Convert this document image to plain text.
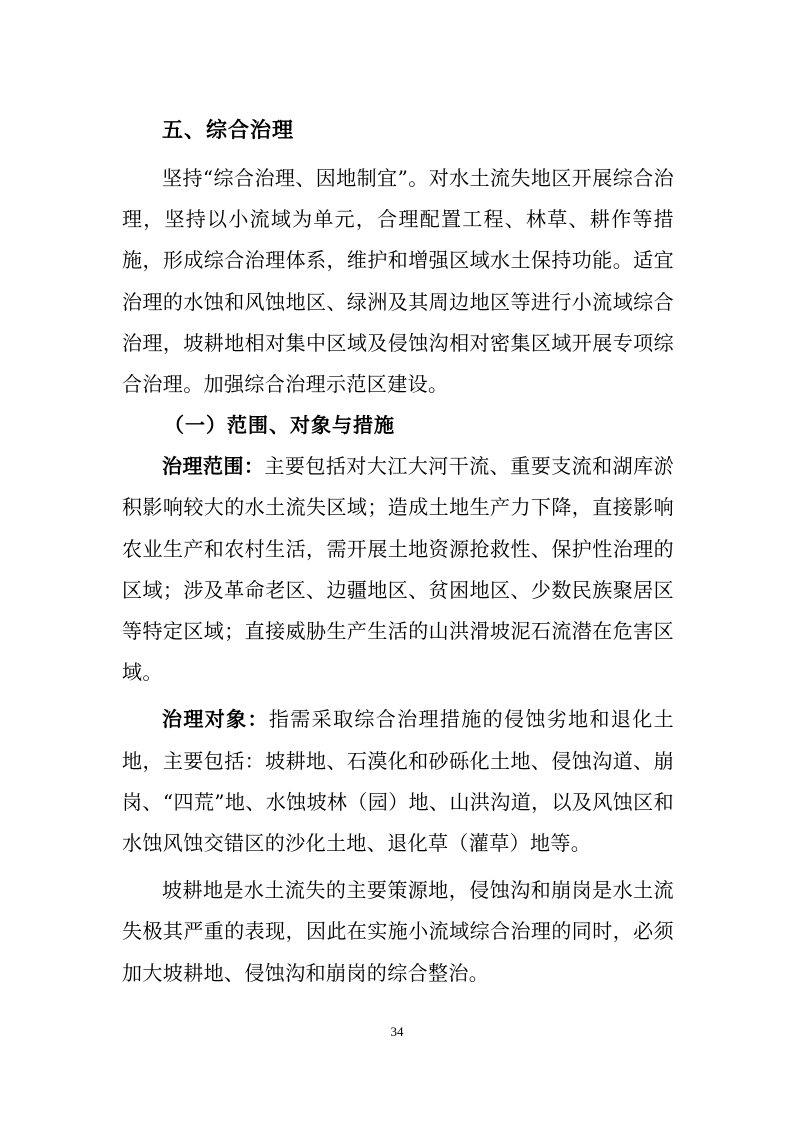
五、综合治理

坚持“综合治理、因地制宜”。对水土流失地区开展综合治理，坚持以小流域为单元，合理配置工程、林草、耕作等措施，形成综合治理体系，维护和增强区域水土保持功能。适宜治理的水蚀和风蚀地区、绿洲及其周边地区等进行小流域综合治理，坡耕地相对集中区域及侵蚀沟相对密集区域开展专项综合治理。加强综合治理示范区建设。

（一）范围、对象与措施

治理范围：主要包括对大江大河干流、重要支流和湖库淤积影响较大的水土流失区域；造成土地生产力下降，直接影响农业生产和农村生活，需开展土地资源抢救性、保护性治理的区域；涉及革命老区、边疆地区、贫困地区、少数民族聚居区等特定区域；直接威胁生产生活的山洪滑坡泥石流潜在危害区域。

治理对象：指需采取综合治理措施的侵蚀劣地和退化土地，主要包括：坡耕地、石漠化和砂砾化土地、侵蚀沟道、崩岗、“四荒”地、水蚀坡林（园）地、山洪沟道，以及风蚀区和水蚀风蚀交错区的沙化土地、退化草（灌草）地等。

坡耕地是水土流失的主要策源地，侵蚀沟和崩岗是水土流失极其严重的表现，因此在实施小流域综合治理的同时，必须加大坡耕地、侵蚀沟和崩岗的综合整治。

34
